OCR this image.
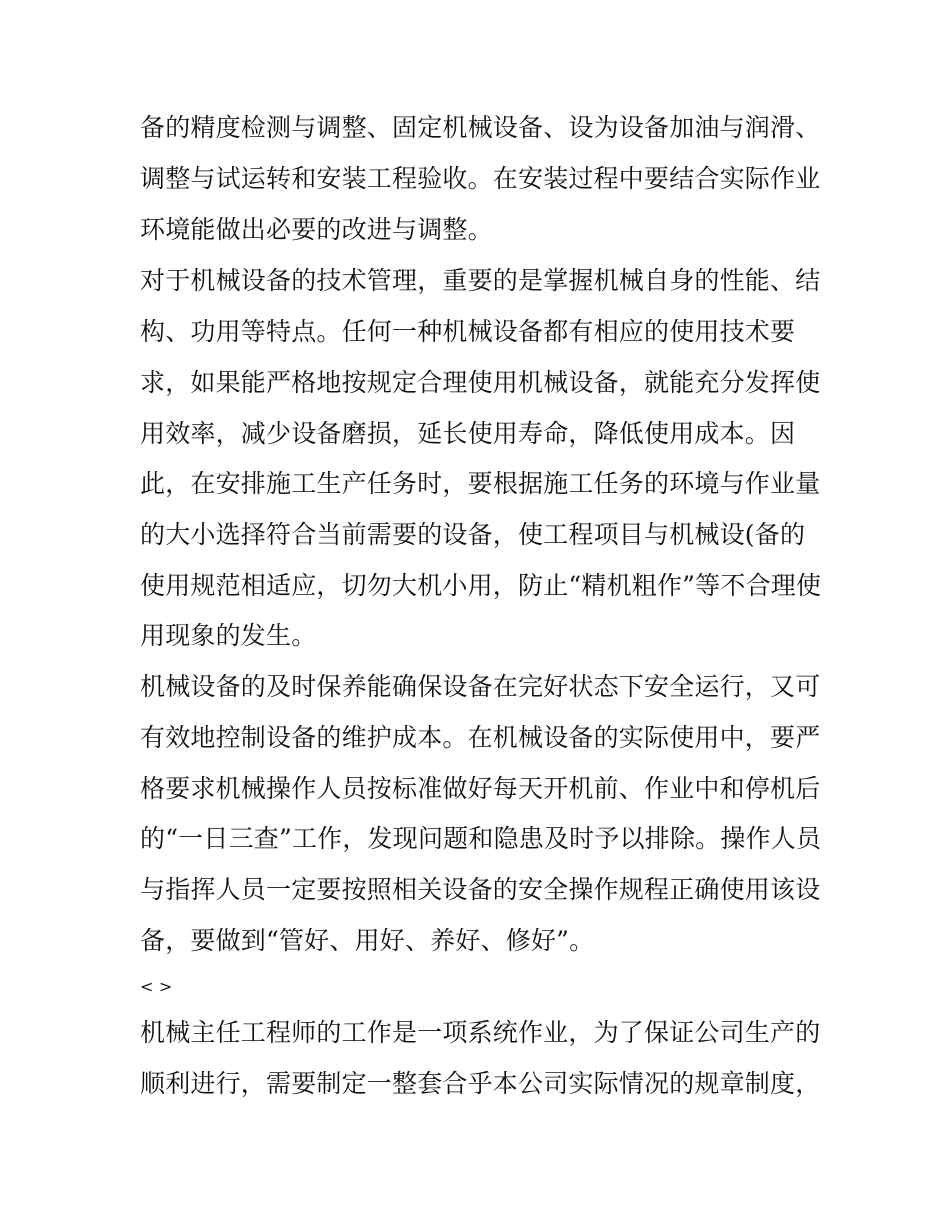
备的精度检测与调整、固定机械设备、设为设备加油与润滑、
调整与试运转和安装工程验收。在安装过程中要结合实际作业
环境能做出必要的改进与调整。
对于机械设备的技术管理，重要的是掌握机械自身的性能、结
构、功用等特点。任何一种机械设备都有相应的使用技术要
求，如果能严格地按规定合理使用机械设备，就能充分发挥使
用效率，减少设备磨损，延长使用寿命，降低使用成本。因
此，在安排施工生产任务时，要根据施工任务的环境与作业量
的大小选择符合当前需要的设备，使工程项目与机械设(备的
使用规范相适应，切勿大机小用，防止“精机粗作”等不合理使
用现象的发生。
机械设备的及时保养能确保设备在完好状态下安全运行，又可
有效地控制设备的维护成本。在机械设备的实际使用中，要严
格要求机械操作人员按标准做好每天开机前、作业中和停机后
的“一日三查”工作，发现问题和隐患及时予以排除。操作人员
与指挥人员一定要按照相关设备的安全操作规程正确使用该设
备，要做到“管好、用好、养好、修好”。
< >
机械主任工程师的工作是一项系统作业，为了保证公司生产的
顺利进行，需要制定一整套合乎本公司实际情况的规章制度，
